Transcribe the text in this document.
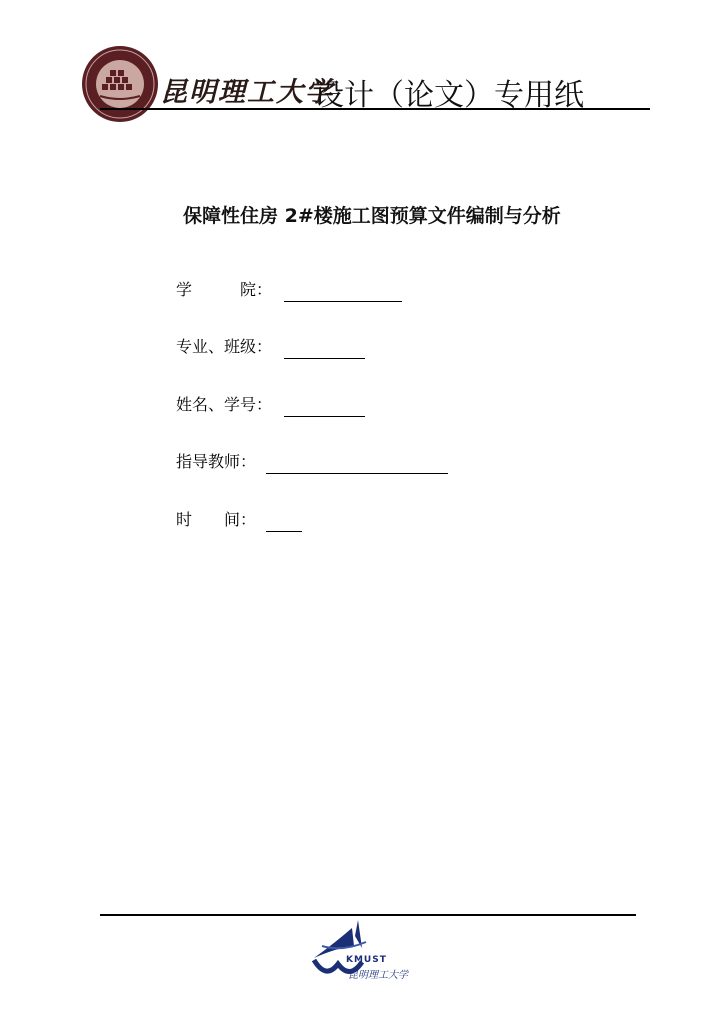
昆明理工大学
设计（论文）专用纸
保障性住房 2#楼施工图预算文件编制与分析
学　　　院：
专业、班级：
姓名、学号：
指导教师：
时　　间：
KMUST
昆明理工大学
